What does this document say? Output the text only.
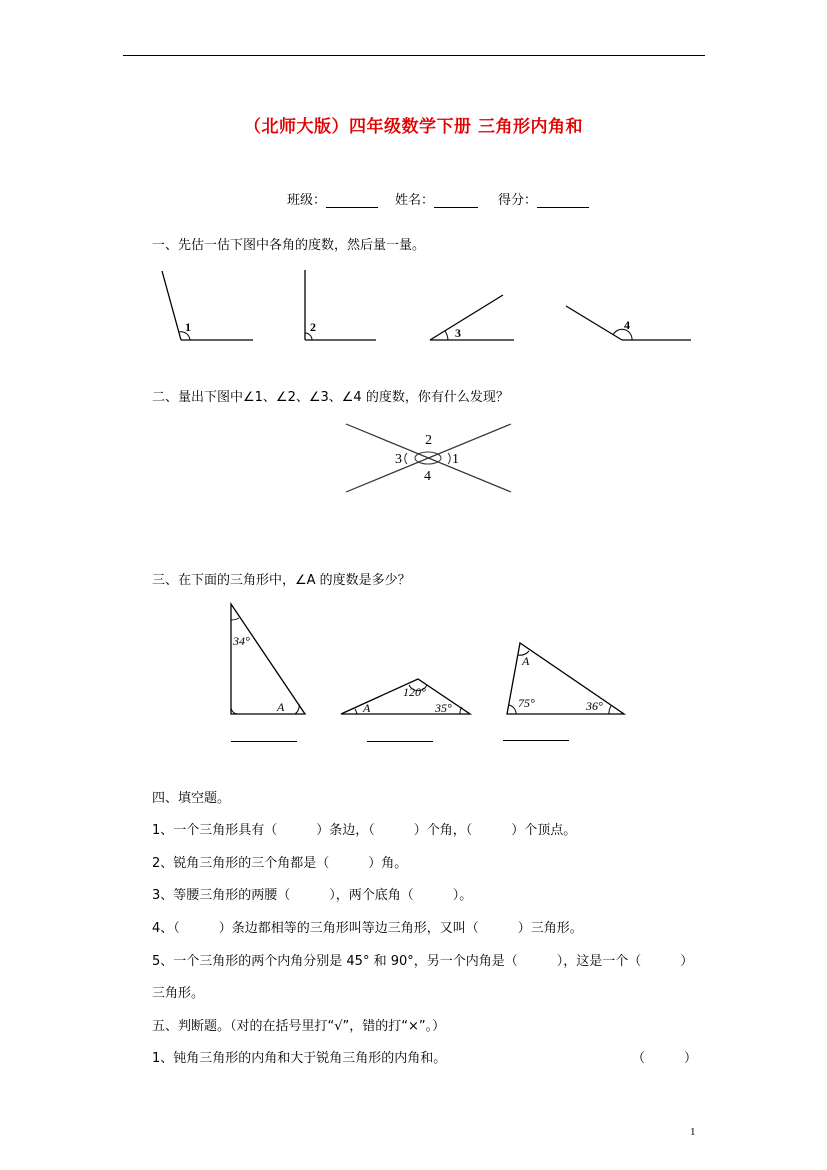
（北师大版）四年级数学下册 三角形内角和
班级：	姓名：	得分：
一、先估一估下图中各角的度数，然后量一量。
1	2	3
4
二、量出下图中∠1、∠2、∠3、∠4 的度数，你有什么发现？
2
3	1
4
三、在下面的三角形中，∠A 的度数是多少？
34°
A	A
120°
35°
A
75°	36°
四、填空题。
1、一个三角形具有（　　　）条边，（　　　）个角，（　　　）个顶点。
2、锐角三角形的三个角都是（　　　）角。
3、等腰三角形的两腰（　　　），两个底角（　　　）。
4、（　　　）条边都相等的三角形叫等边三角形，又叫（　　　）三角形。
5、一个三角形的两个内角分别是 45° 和 90°，另一个内角是（　　　），这是一个（　　　）
三角形。
五、判断题。（对的在括号里打“√”，错的打“×”。）
1、钝角三角形的内角和大于锐角三角形的内角和。	（　　　）
1
